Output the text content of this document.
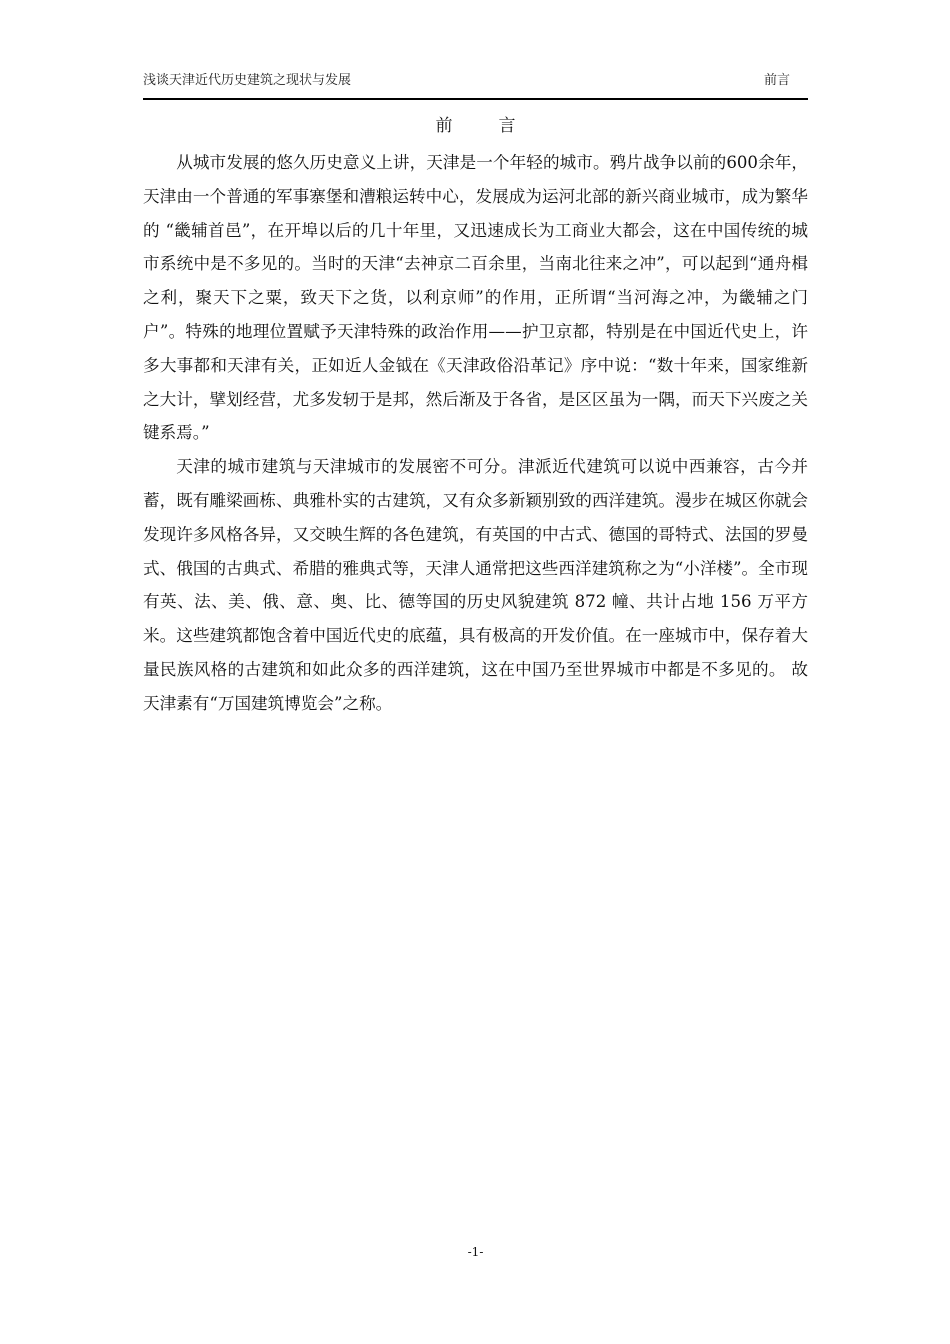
浅谈天津近代历史建筑之现状与发展	前言
前	言

从城市发展的悠久历史意义上讲，天津是一个年轻的城市。鸦片战争以前的600余年，天津由一个普通的军事寨堡和漕粮运转中心，发展成为运河北部的新兴商业城市，成为繁华的 “畿辅首邑”，在开埠以后的几十年里，又迅速成长为工商业大都会，这在中国传统的城市系统中是不多见的。当时的天津“去神京二百余里，当南北往来之冲”，可以起到“通舟楫之利，聚天下之粟，致天下之货，以利京师”的作用，正所谓“当河海之冲，为畿辅之门户”。特殊的地理位置赋予天津特殊的政治作用——护卫京都，特别是在中国近代史上，许多大事都和天津有关，正如近人金钺在《天津政俗沿革记》序中说：“数十年来，国家维新之大计，擘划经营，尤多发轫于是邦，然后渐及于各省，是区区虽为一隅，而天下兴废之关键系焉。”

天津的城市建筑与天津城市的发展密不可分。津派近代建筑可以说中西兼容，古今并蓄，既有雕梁画栋、典雅朴实的古建筑，又有众多新颖别致的西洋建筑。漫步在城区你就会发现许多风格各异，又交映生辉的各色建筑，有英国的中古式、德国的哥特式、法国的罗曼式、俄国的古典式、希腊的雅典式等，天津人通常把这些西洋建筑称之为“小洋楼”。全市现有英、法、美、俄、意、奥、比、德等国的历史风貌建筑 872 幢、共计占地 156 万平方米。这些建筑都饱含着中国近代史的底蕴，具有极高的开发价值。在一座城市中，保存着大量民族风格的古建筑和如此众多的西洋建筑，这在中国乃至世界城市中都是不多见的。 故天津素有“万国建筑博览会”之称。

-1-
